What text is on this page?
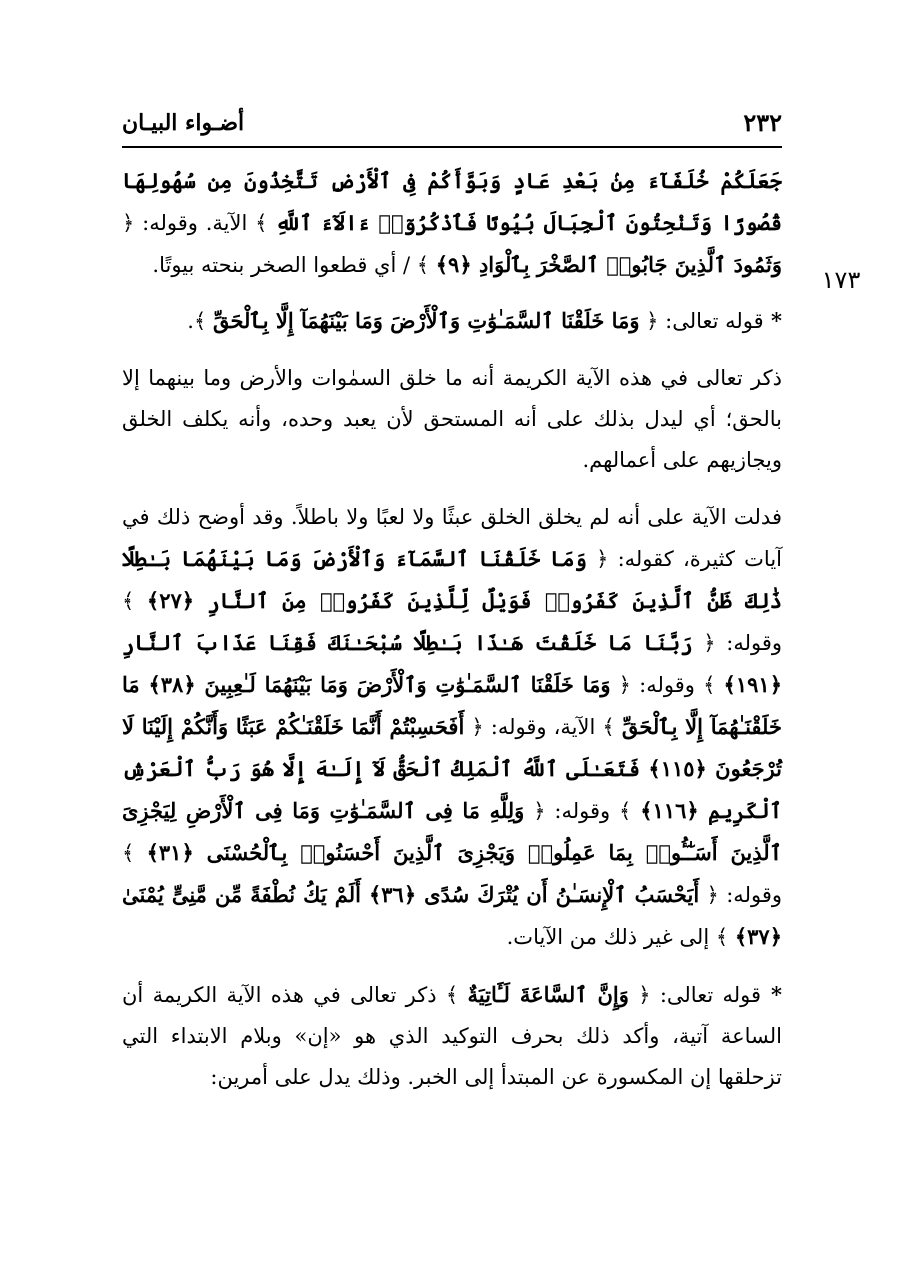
٢٣٢
أضـواء البيـان
١٧٣

جَعَلَكُمْ خُلَفَآءَ مِنۢ بَعْدِ عَادٍ وَبَوَّأَكُمْ فِى ٱلْأَرْضِ تَتَّخِذُونَ مِن سُهُولِهَا قُصُورًا وَتَنْحِتُونَ ٱلْجِبَالَ بُيُوتًا فَٱذْكُرُوٓا۟ ءَالَآءَ ٱللَّهِ ﴾ الآية. وقوله: ﴿ وَثَمُودَ ٱلَّذِينَ جَابُوا۟ ٱلصَّخْرَ بِٱلْوَادِ ﴿٩﴾ ﴾ / أي قطعوا الصخر بنحته بيوتًا.

* قوله تعالى: ﴿ وَمَا خَلَقْنَا ٱلسَّمَـٰوَٰتِ وَٱلْأَرْضَ وَمَا بَيْنَهُمَآ إِلَّا بِٱلْحَقِّ ﴾.

ذكر تعالى في هذه الآية الكريمة أنه ما خلق السمٰوات والأرض وما بينهما إلا بالحق؛ أي ليدل بذلك على أنه المستحق لأن يعبد وحده، وأنه يكلف الخلق ويجازيهم على أعمالهم.

فدلت الآية على أنه لم يخلق الخلق عبثًا ولا لعبًا ولا باطلاً. وقد أوضح ذلك في آيات كثيرة، كقوله: ﴿ وَمَا خَلَقْنَا ٱلسَّمَآءَ وَٱلْأَرْضَ وَمَا بَيْنَهُمَا بَـٰطِلًا ذَٰلِكَ ظَنُّ ٱلَّذِينَ كَفَرُوا۟ فَوَيْلٌ لِّلَّذِينَ كَفَرُوا۟ مِنَ ٱلنَّارِ ﴿٢٧﴾ ﴾ وقوله: ﴿ رَبَّنَا مَا خَلَقْتَ هَـٰذَا بَـٰطِلًا سُبْحَـٰنَكَ فَقِنَا عَذَابَ ٱلنَّارِ ﴿١٩١﴾ ﴾ وقوله: ﴿ وَمَا خَلَقْنَا ٱلسَّمَـٰوَٰتِ وَٱلْأَرْضَ وَمَا بَيْنَهُمَا لَـٰعِبِينَ ﴿٣٨﴾ مَا خَلَقْنَـٰهُمَآ إِلَّا بِٱلْحَقِّ ﴾ الآية، وقوله: ﴿ أَفَحَسِبْتُمْ أَنَّمَا خَلَقْنَـٰكُمْ عَبَثًا وَأَنَّكُمْ إِلَيْنَا لَا تُرْجَعُونَ ﴿١١٥﴾ فَتَعَـٰلَى ٱللَّهُ ٱلْمَلِكُ ٱلْحَقُّ لَآ إِلَـٰهَ إِلَّا هُوَ رَبُّ ٱلْعَرْشِ ٱلْكَرِيمِ ﴿١١٦﴾ ﴾ وقوله: ﴿ وَلِلَّهِ مَا فِى ٱلسَّمَـٰوَٰتِ وَمَا فِى ٱلْأَرْضِ لِيَجْزِىَ ٱلَّذِينَ أَسَـٰٓـُٔوا۟ بِمَا عَمِلُوا۟ وَيَجْزِىَ ٱلَّذِينَ أَحْسَنُوا۟ بِٱلْحُسْنَى ﴿٣١﴾ ﴾ وقوله: ﴿ أَيَحْسَبُ ٱلْإِنسَـٰنُ أَن يُتْرَكَ سُدًى ﴿٣٦﴾ أَلَمْ يَكُ نُطْفَةً مِّن مَّنِىٍّ يُمْنَىٰ ﴿٣٧﴾ ﴾ إلى غير ذلك من الآيات.

* قوله تعالى: ﴿ وَإِنَّ ٱلسَّاعَةَ لَـَٔاتِيَةٌ ﴾ ذكر تعالى في هذه الآية الكريمة أن الساعة آتية، وأكد ذلك بحرف التوكيد الذي هو «إن» وبلام الابتداء التي تزحلقها إن المكسورة عن المبتدأ إلى الخبر. وذلك يدل على أمرين:
